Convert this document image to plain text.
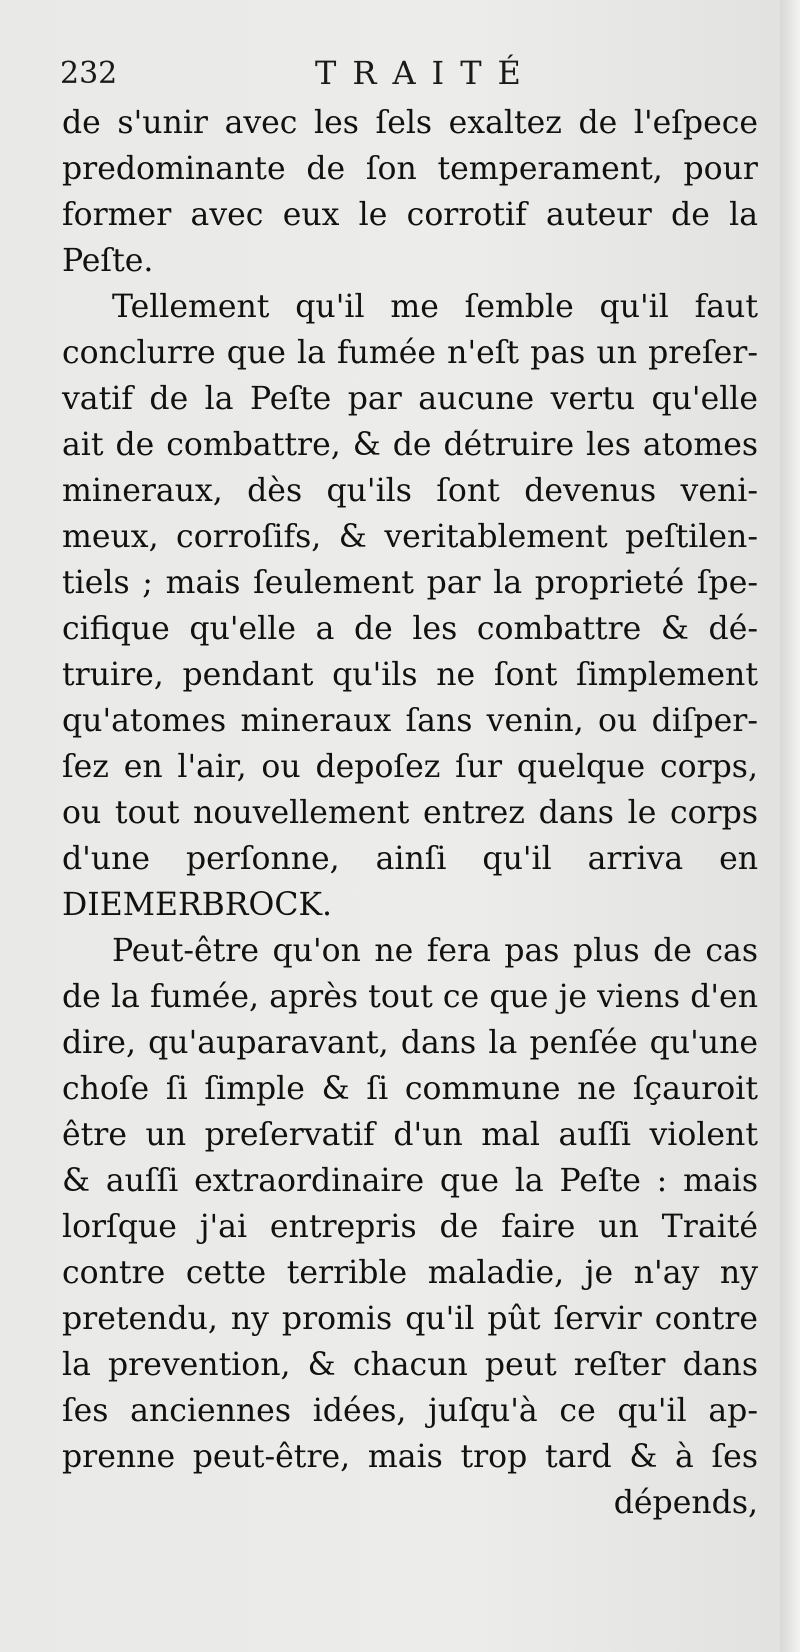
232	TRAITÉ
de s'unir avec les ſels exaltez de l'eſpece
predominante de ſon temperament, pour
former avec eux le corrotif auteur de la
Peſte.
Tellement qu'il me ſemble qu'il faut
conclurre que la fumée n'eſt pas un preſer-
vatif de la Peſte par aucune vertu qu'elle
ait de combattre, & de détruire les atomes
mineraux, dès qu'ils ſont devenus veni-
meux, corroſifs, & veritablement peſtilen-
tiels ; mais ſeulement par la proprieté ſpe-
cifique qu'elle a de les combattre & dé-
truire, pendant qu'ils ne ſont ſimplement
qu'atomes mineraux ſans venin, ou diſper-
ſez en l'air, ou depoſez ſur quelque corps,
ou tout nouvellement entrez dans le corps
d'une perſonne, ainſi qu'il arriva en
DIEMERBROCK.
Peut-être qu'on ne fera pas plus de cas
de la fumée, après tout ce que je viens d'en
dire, qu'auparavant, dans la penſée qu'une
choſe ſi ſimple & ſi commune ne ſçauroit
être un preſervatif d'un mal auſſi violent
& auſſi extraordinaire que la Peſte : mais
lorſque j'ai entrepris de faire un Traité
contre cette terrible maladie, je n'ay ny
pretendu, ny promis qu'il pût ſervir contre
la prevention, & chacun peut reſter dans
ſes anciennes idées, juſqu'à ce qu'il ap-
prenne peut-être, mais trop tard & à ſes
dépends,
